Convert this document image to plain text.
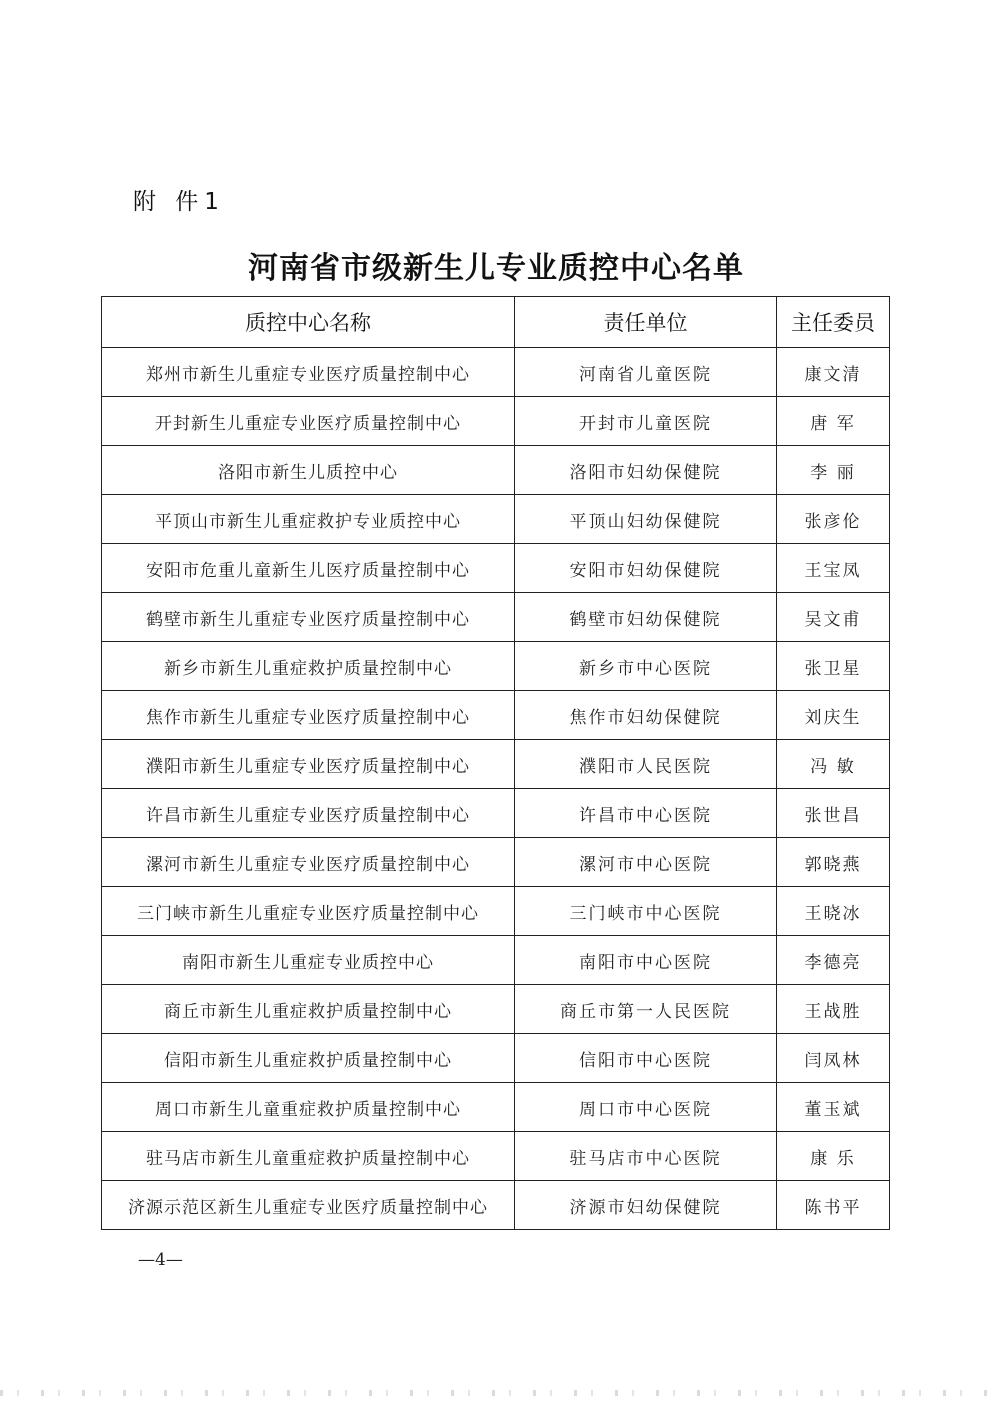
附 件1
河南省市级新生儿专业质控中心名单
质控中心名称	责任单位	主任委员
郑州市新生儿重症专业医疗质量控制中心	河南省儿童医院	康文清
开封新生儿重症专业医疗质量控制中心	开封市儿童医院	唐 军
洛阳市新生儿质控中心	洛阳市妇幼保健院	李 丽
平顶山市新生儿重症救护专业质控中心	平顶山妇幼保健院	张彦伦
安阳市危重儿童新生儿医疗质量控制中心	安阳市妇幼保健院	王宝凤
鹤壁市新生儿重症专业医疗质量控制中心	鹤壁市妇幼保健院	吴文甫
新乡市新生儿重症救护质量控制中心	新乡市中心医院	张卫星
焦作市新生儿重症专业医疗质量控制中心	焦作市妇幼保健院	刘庆生
濮阳市新生儿重症专业医疗质量控制中心	濮阳市人民医院	冯 敏
许昌市新生儿重症专业医疗质量控制中心	许昌市中心医院	张世昌
漯河市新生儿重症专业医疗质量控制中心	漯河市中心医院	郭晓燕
三门峡市新生儿重症专业医疗质量控制中心	三门峡市中心医院	王晓冰
南阳市新生儿重症专业质控中心	南阳市中心医院	李德亮
商丘市新生儿重症救护质量控制中心	商丘市第一人民医院	王战胜
信阳市新生儿重症救护质量控制中心	信阳市中心医院	闫凤林
周口市新生儿童重症救护质量控制中心	周口市中心医院	董玉斌
驻马店市新生儿童重症救护质量控制中心	驻马店市中心医院	康 乐
济源示范区新生儿重症专业医疗质量控制中心	济源市妇幼保健院	陈书平
—4—
